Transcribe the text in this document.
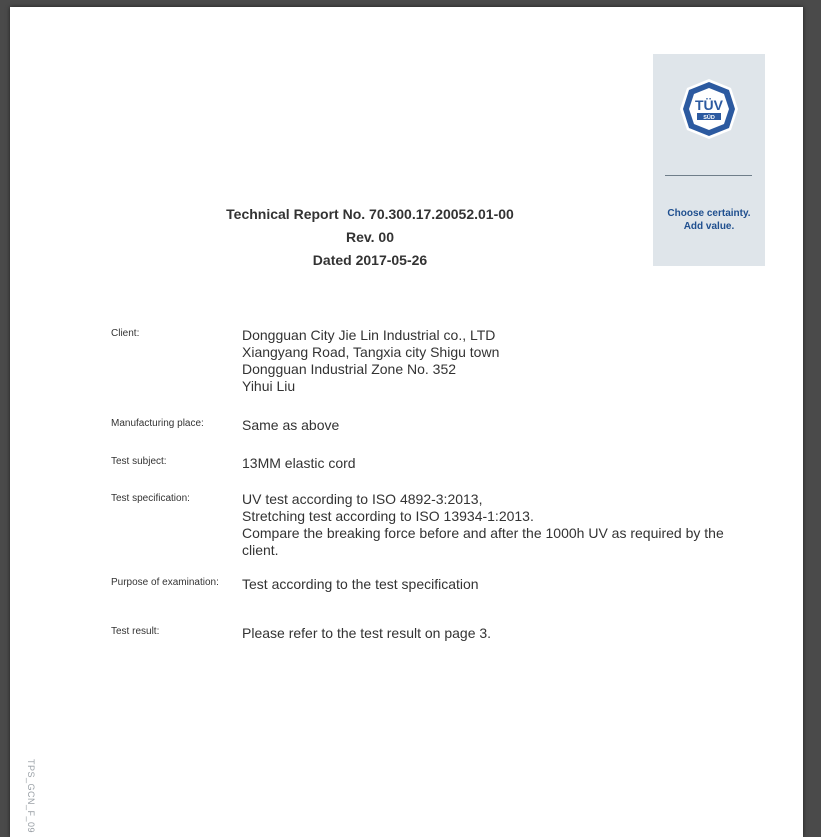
TÜV
SÜD
Choose certainty.
Add value.
Technical Report No. 70.300.17.20052.01-00
Rev. 00
Dated 2017-05-26
Client:	Dongguan City Jie Lin Industrial co., LTD
Xiangyang Road, Tangxia city Shigu town
Dongguan Industrial Zone No. 352
Yihui Liu
Manufacturing place:	Same as above
Test subject:	13MM elastic cord
Test specification:	UV test according to ISO 4892-3:2013,
Stretching test according to ISO 13934-1:2013.
Compare the breaking force before and after the 1000h UV as required by the client.
Purpose of examination: Test according to the test specification
Test result:	Please refer to the test result on page 3.
TPS_GCN_F_09
